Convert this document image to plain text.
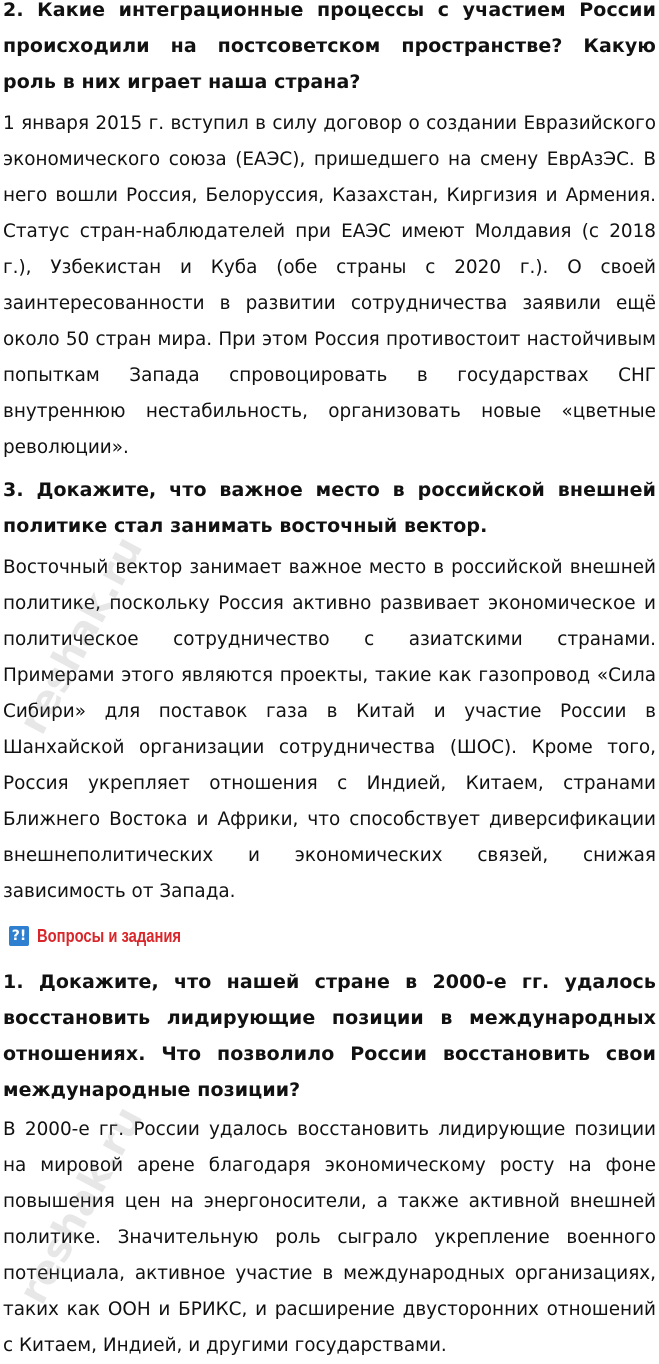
2. Какие интеграционные процессы с участием России происходили на постсоветском пространстве? Какую роль в них играет наша страна?

1 января 2015 г. вступил в силу договор о создании Евразийского экономического союза (ЕАЭС), пришедшего на смену ЕврАзЭС. В него вошли Россия, Белоруссия, Казахстан, Киргизия и Армения. Статус стран-наблюдателей при ЕАЭС имеют Молдавия (с 2018 г.), Узбекистан и Куба (обе страны с 2020 г.). О своей заинтересованности в развитии сотрудничества заявили ещё около 50 стран мира. При этом Россия противостоит настойчивым попыткам Запада спровоцировать в государствах СНГ внутреннюю нестабильность, организовать новые «цветные революции».

3. Докажите, что важное место в российской внешней политике стал занимать восточный вектор.

Восточный вектор занимает важное место в российской внешней политике, поскольку Россия активно развивает экономическое и политическое сотрудничество с азиатскими странами. Примерами этого являются проекты, такие как газопровод «Сила Сибири» для поставок газа в Китай и участие России в Шанхайской организации сотрудничества (ШОС). Кроме того, Россия укрепляет отношения с Индией, Китаем, странами Ближнего Востока и Африки, что способствует диверсификации внешнеполитических и экономических связей, снижая зависимость от Запада.

?! Вопросы и задания

1. Докажите, что нашей стране в 2000-е гг. удалось восстановить лидирующие позиции в международных отношениях. Что позволило России восстановить свои международные позиции?

В 2000-е гг. России удалось восстановить лидирующие позиции на мировой арене благодаря экономическому росту на фоне повышения цен на энергоносители, а также активной внешней политике. Значительную роль сыграло укрепление военного потенциала, активное участие в международных организациях, таких как ООН и БРИКС, и расширение двусторонних отношений с Китаем, Индией, и другими государствами.

reshak.ru
reshak.ru
